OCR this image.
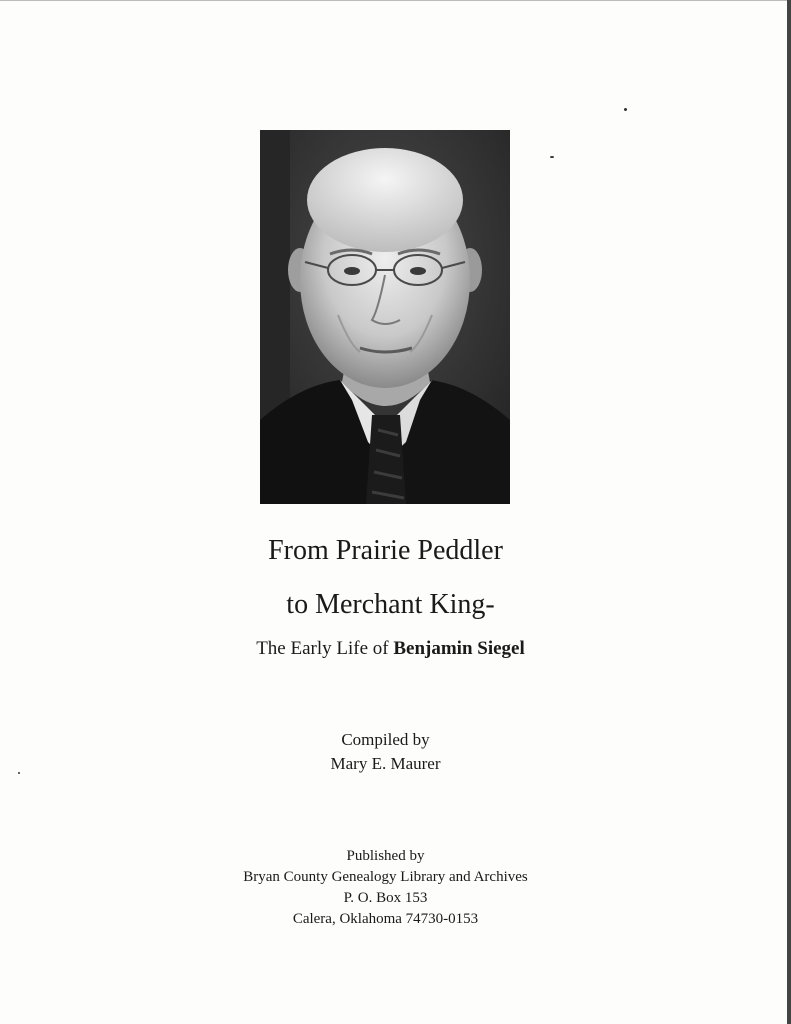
From Prairie Peddler
to Merchant King-
The Early Life of Benjamin Siegel
Compiled by
Mary E. Maurer
Published by
Bryan County Genealogy Library and Archives
P. O. Box 153
Calera, Oklahoma 74730-0153
